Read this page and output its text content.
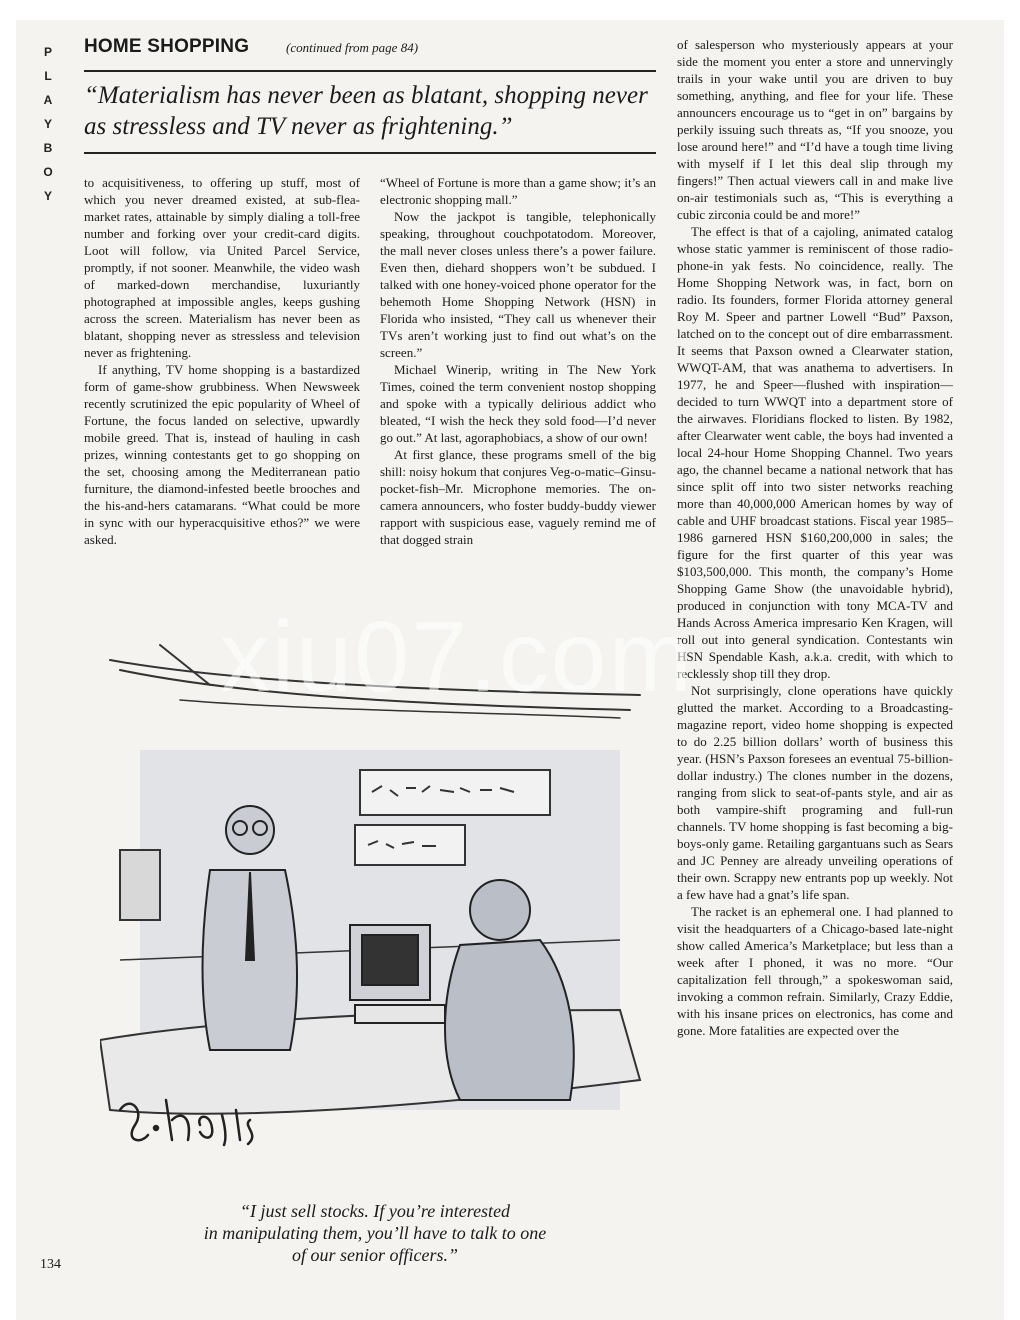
P
L
A
Y
B
O
Y
HOME SHOPPING	(continued from page 84)
“Materialism has never been as blatant, shopping never as stressless and TV never as frightening.”

to acquisitiveness, to offering up stuff, most of which you never dreamed existed, at sub-flea-market rates, attainable by simply dialing a toll-free number and forking over your credit-card digits. Loot will follow, via United Parcel Service, promptly, if not sooner. Meanwhile, the video wash of marked-down merchandise, luxuriantly photographed at impossible angles, keeps gushing across the screen. Materialism has never been as blatant, shopping never as stressless and television never as frightening.

If anything, TV home shopping is a bastardized form of game-show grubbiness. When Newsweek recently scrutinized the epic popularity of Wheel of Fortune, the focus landed on selective, upwardly mobile greed. That is, instead of hauling in cash prizes, winning contestants get to go shopping on the set, choosing among the Mediterranean patio furniture, the diamond-infested beetle brooches and the his-and-hers catamarans. “What could be more in sync with our hyperacquisitive ethos?” we were asked.

“Wheel of Fortune is more than a game show; it’s an electronic shopping mall.”

Now the jackpot is tangible, telephonically speaking, throughout couchpotatodom. Moreover, the mall never closes unless there’s a power failure. Even then, diehard shoppers won’t be subdued. I talked with one honey-voiced phone operator for the behemoth Home Shopping Network (HSN) in Florida who insisted, “They call us whenever their TVs aren’t working just to find out what’s on the screen.”

Michael Winerip, writing in The New York Times, coined the term convenient nostop shopping and spoke with a typically delirious addict who bleated, “I wish the heck they sold food—I’d never go out.” At last, agoraphobiacs, a show of our own!

At first glance, these programs smell of the big shill: noisy hokum that conjures Veg-o-matic–Ginsu-pocket-fish–Mr. Microphone memories. The on-camera announcers, who foster buddy-buddy viewer rapport with suspicious ease, vaguely remind me of that dogged strain

of salesperson who mysteriously appears at your side the moment you enter a store and unnervingly trails in your wake until you are driven to buy something, anything, and flee for your life. These announcers encourage us to “get in on” bargains by perkily issuing such threats as, “If you snooze, you lose around here!” and “I’d have a tough time living with myself if I let this deal slip through my fingers!” Then actual viewers call in and make live on-air testimonials such as, “This is everything a cubic zirconia could be and more!”

The effect is that of a cajoling, animated catalog whose static yammer is reminiscent of those radio-phone-in yak fests. No coincidence, really. The Home Shopping Network was, in fact, born on radio. Its founders, former Florida attorney general Roy M. Speer and partner Lowell “Bud” Paxson, latched on to the concept out of dire embarrassment. It seems that Paxson owned a Clearwater station, WWQT-AM, that was anathema to advertisers. In 1977, he and Speer—flushed with inspiration—decided to turn WWQT into a department store of the airwaves. Floridians flocked to listen. By 1982, after Clearwater went cable, the boys had invented a local 24-hour Home Shopping Channel. Two years ago, the channel became a national network that has since split off into two sister networks reaching more than 40,000,000 American homes by way of cable and UHF broadcast stations. Fiscal year 1985–1986 garnered HSN $160,200,000 in sales; the figure for the first quarter of this year was $103,500,000. This month, the company’s Home Shopping Game Show (the unavoidable hybrid), produced in conjunction with tony MCA-TV and Hands Across America impresario Ken Kragen, will roll out into general syndication. Contestants win HSN Spendable Kash, a.k.a. credit, with which to recklessly shop till they drop.

Not surprisingly, clone operations have quickly glutted the market. According to a Broadcasting-magazine report, video home shopping is expected to do 2.25 billion dollars’ worth of business this year. (HSN’s Paxson foresees an eventual 75-billion-dollar industry.) The clones number in the dozens, ranging from slick to seat-of-pants style, and air as both vampire-shift programing and full-run channels. TV home shopping is fast becoming a big-boys-only game. Retailing gargantuans such as Sears and JC Penney are already unveiling operations of their own. Scrappy new entrants pop up weekly. Not a few have had a gnat’s life span.

The racket is an ephemeral one. I had planned to visit the headquarters of a Chicago-based late-night show called America’s Marketplace; but less than a week after I phoned, it was no more. “Our capitalization fell through,” a spokeswoman said, invoking a common refrain. Similarly, Crazy Eddie, with his insane prices on electronics, has come and gone. More fatalities are expected over the

“I just sell stocks. If you’re interested
in manipulating them, you’ll have to talk to one
of our senior officers.”
134
xiu07.com
